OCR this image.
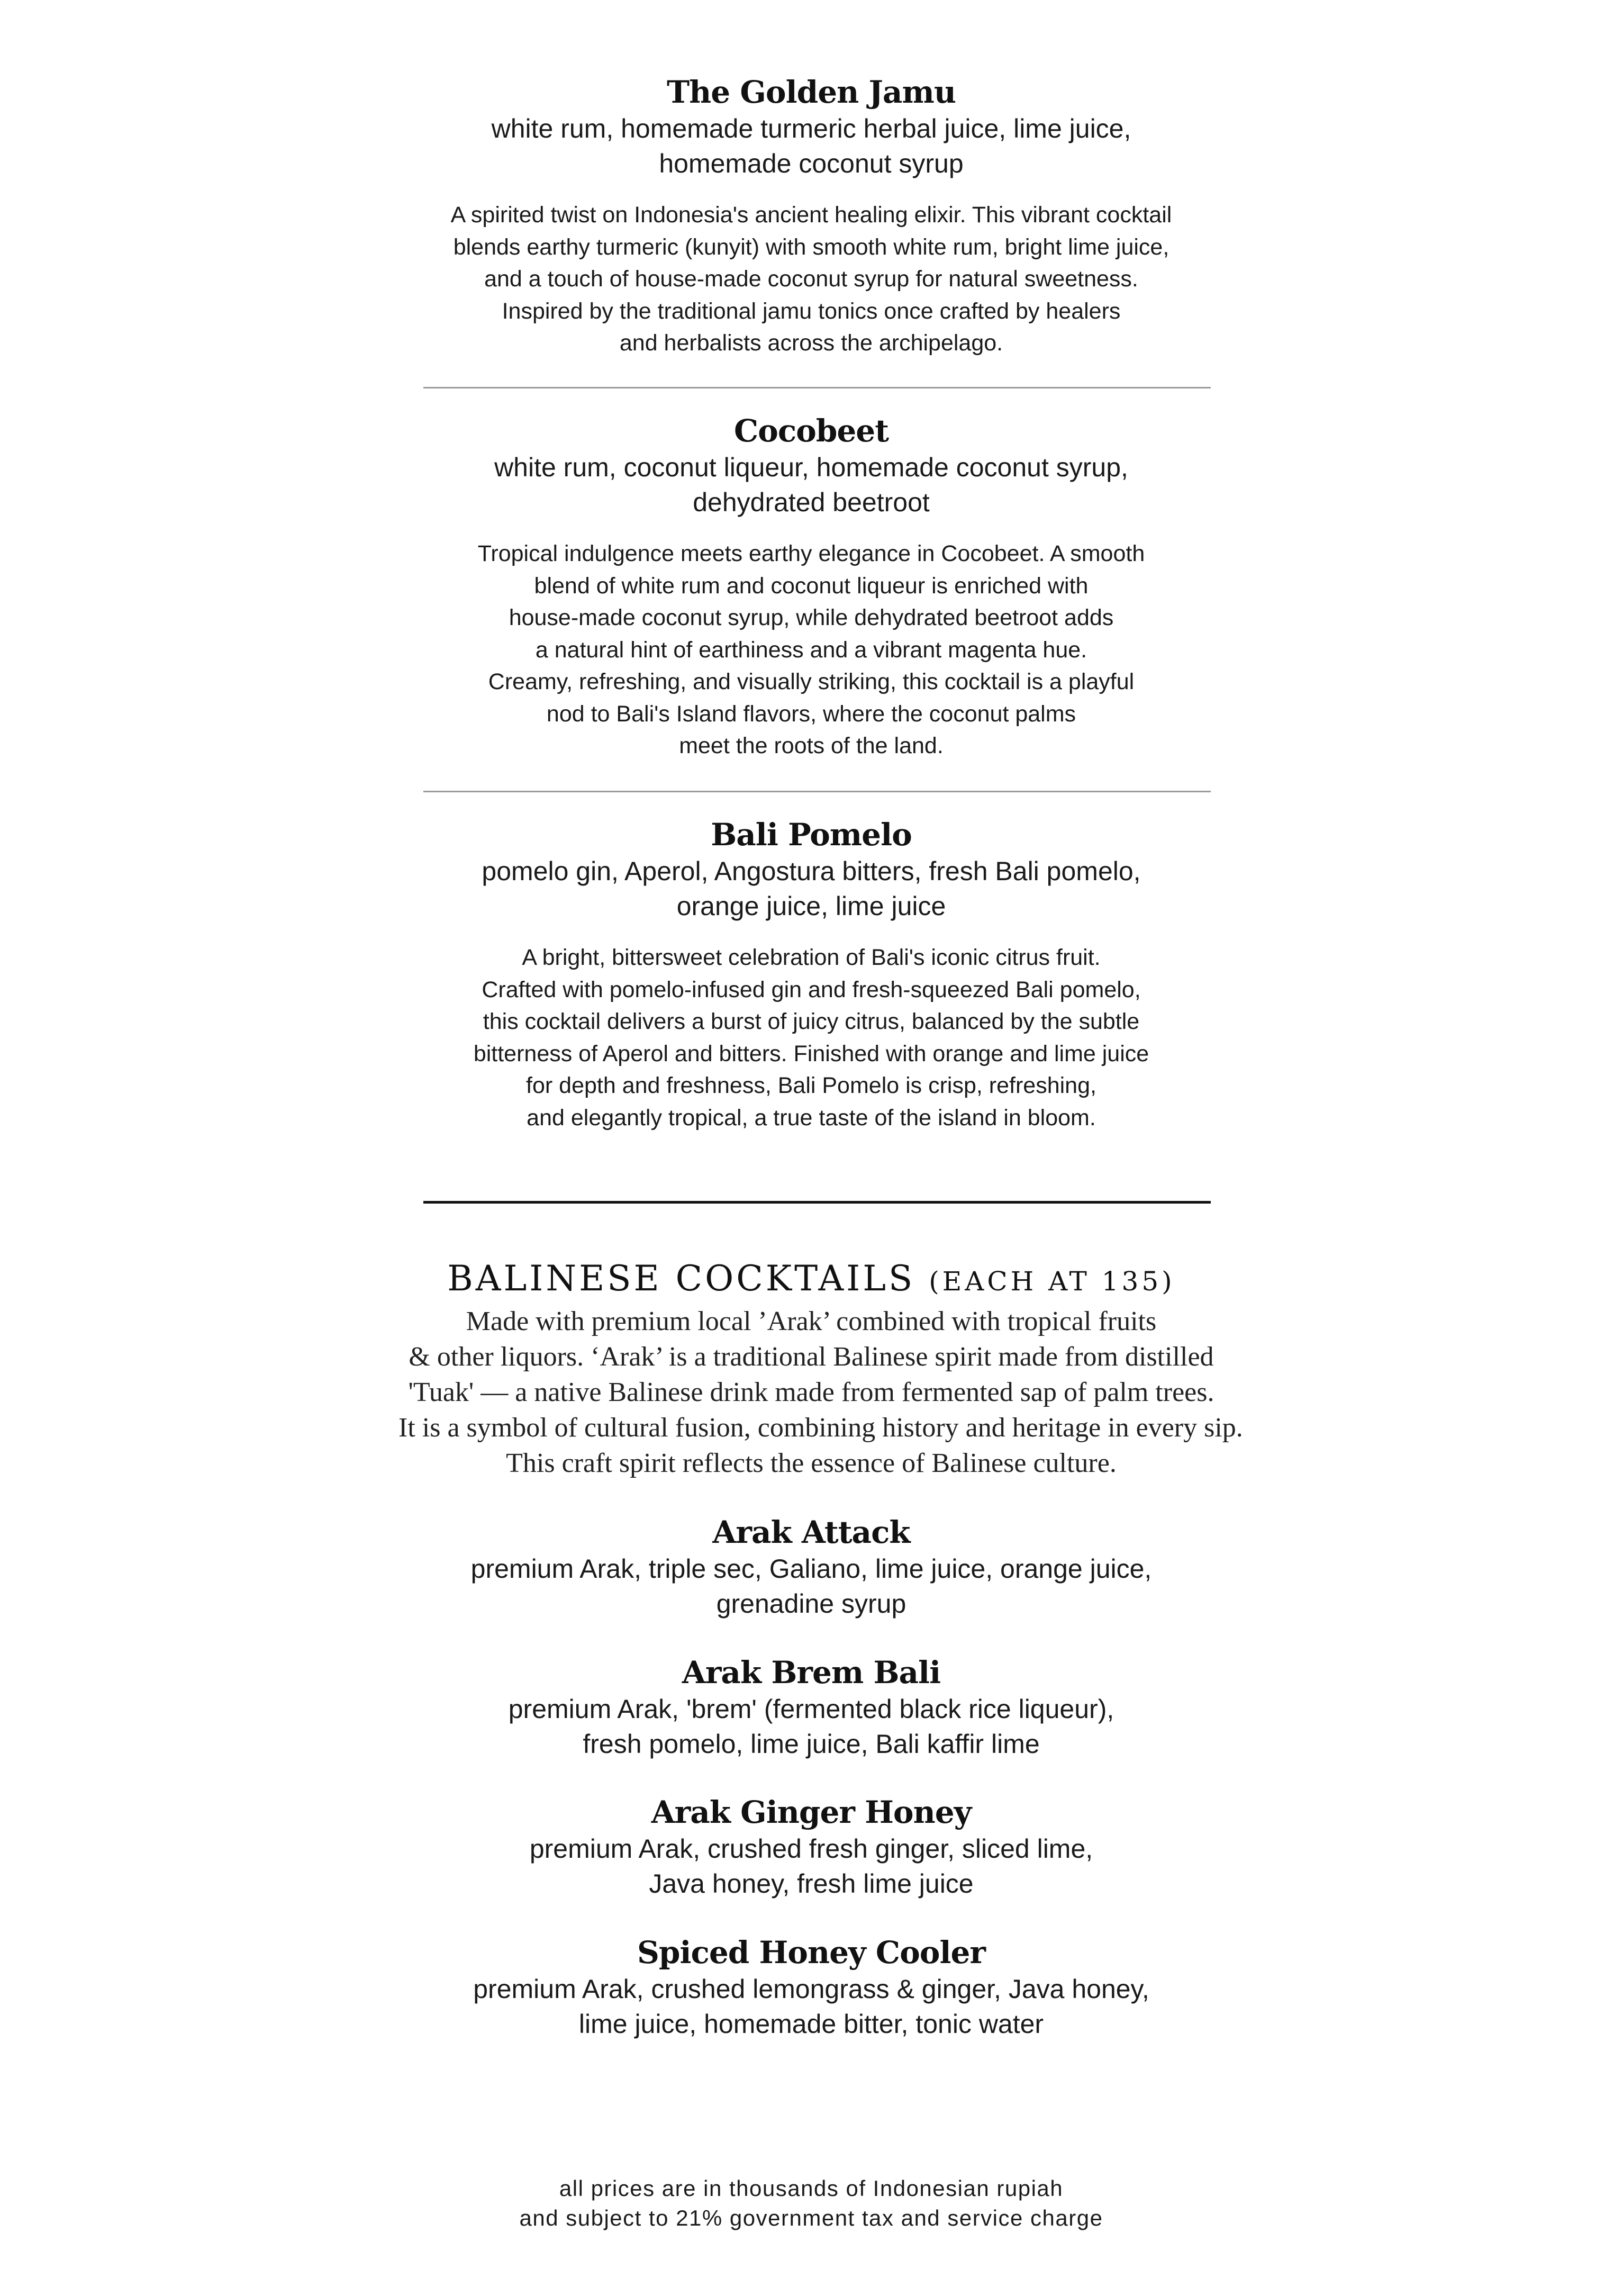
The Golden Jamu
white rum, homemade turmeric herbal juice, lime juice,
homemade coconut syrup
A spirited twist on Indonesia's ancient healing elixir. This vibrant cocktail
blends earthy turmeric (kunyit) with smooth white rum, bright lime juice,
and a touch of house-made coconut syrup for natural sweetness.
Inspired by the traditional jamu tonics once crafted by healers
and herbalists across the archipelago.
Cocobeet
white rum, coconut liqueur, homemade coconut syrup,
dehydrated beetroot
Tropical indulgence meets earthy elegance in Cocobeet. A smooth
blend of white rum and coconut liqueur is enriched with
house-made coconut syrup, while dehydrated beetroot adds
a natural hint of earthiness and a vibrant magenta hue.
Creamy, refreshing, and visually striking, this cocktail is a playful
nod to Bali's Island flavors, where the coconut palms
meet the roots of the land.
Bali Pomelo
pomelo gin, Aperol, Angostura bitters, fresh Bali pomelo,
orange juice, lime juice
A bright, bittersweet celebration of Bali's iconic citrus fruit.
Crafted with pomelo-infused gin and fresh-squeezed Bali pomelo,
this cocktail delivers a burst of juicy citrus, balanced by the subtle
bitterness of Aperol and bitters. Finished with orange and lime juice
for depth and freshness, Bali Pomelo is crisp, refreshing,
and elegantly tropical, a true taste of the island in bloom.
BALINESE COCKTAILS (EACH AT 135)
Made with premium local ’Arak’ combined with tropical fruits
& other liquors. ‘Arak’ is a traditional Balinese spirit made from distilled
'Tuak' — a native Balinese drink made from fermented sap of palm trees.
It is a symbol of cultural fusion, combining history and heritage in every sip.
This craft spirit reflects the essence of Balinese culture.
Arak Attack
premium Arak, triple sec, Galiano, lime juice, orange juice,
grenadine syrup
Arak Brem Bali
premium Arak, 'brem' (fermented black rice liqueur),
fresh pomelo, lime juice, Bali kaffir lime
Arak Ginger Honey
premium Arak, crushed fresh ginger, sliced lime,
Java honey, fresh lime juice
Spiced Honey Cooler
premium Arak, crushed lemongrass & ginger, Java honey,
lime juice, homemade bitter, tonic water
all prices are in thousands of Indonesian rupiah
and subject to 21% government tax and service charge
